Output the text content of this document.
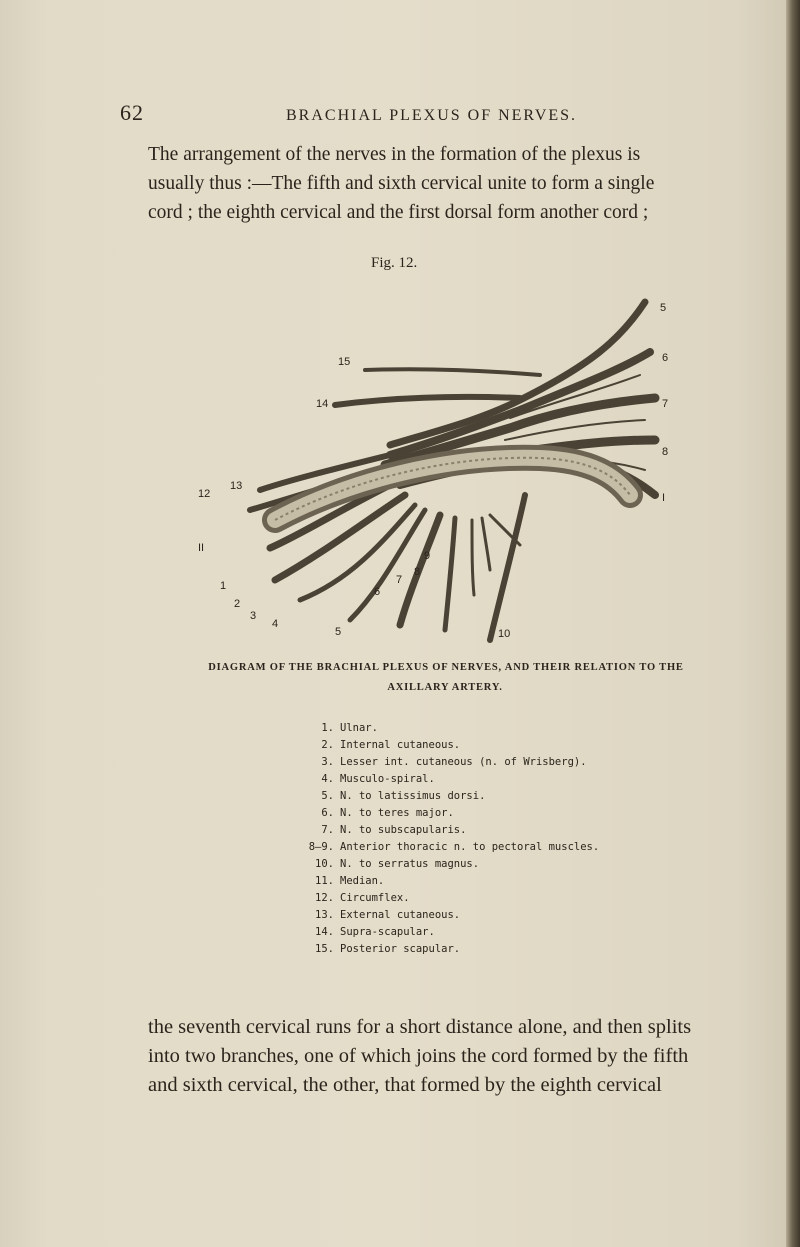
62	BRACHIAL PLEXUS OF NERVES.

The arrangement of the nerves in the formation of the plexus is
usually thus :—The fifth and sixth cervical unite to form a single
cord ; the eighth cervical and the first dorsal form another cord ;

Fig. 12.
5
6
7
8
I
15
14
13
12
II
1
2
3
4
5
6
7
8
9
10
DIAGRAM OF THE BRACHIAL PLEXUS OF NERVES, AND THEIR RELATION TO THE
AXILLARY ARTERY.
1. Ulnar.
2. Internal cutaneous.
3. Lesser int. cutaneous (n. of Wrisberg).
4. Musculo-spiral.
5. N. to latissimus dorsi.
6. N. to teres major.
7. N. to subscapularis.
8–9. Anterior thoracic n. to pectoral muscles.
10. N. to serratus magnus.
11. Median.
12. Circumflex.
13. External cutaneous.
14. Supra-scapular.
15. Posterior scapular.

the seventh cervical runs for a short distance alone, and then splits
into two branches, one of which joins the cord formed by the fifth
and sixth cervical, the other, that formed by the eighth cervical
